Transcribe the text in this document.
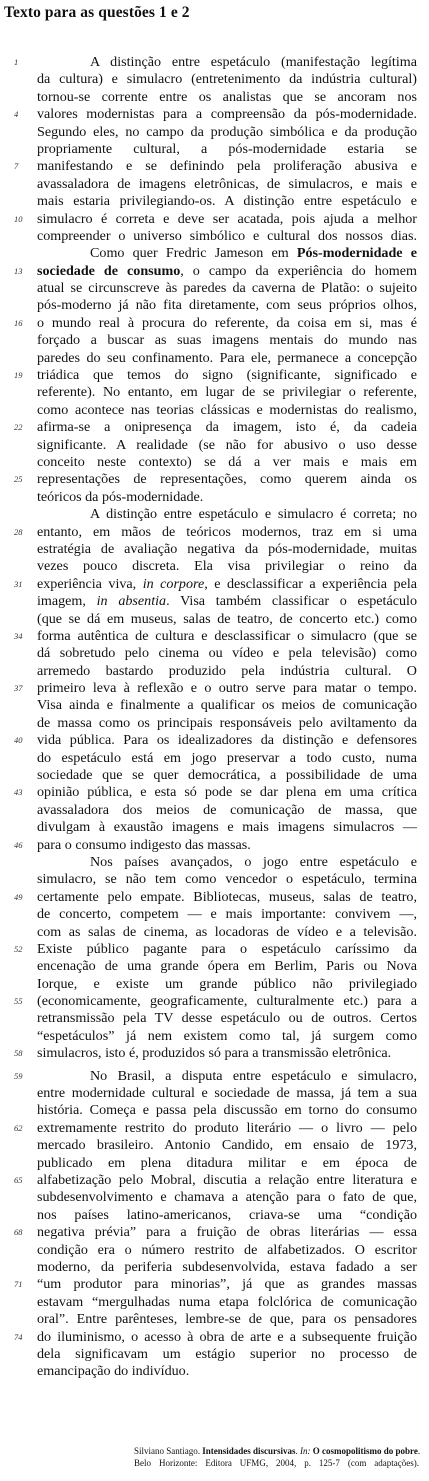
Texto para as questões 1 e 2
1	A distinção entre espetáculo (manifestação legítima
da cultura) e simulacro (entretenimento da indústria cultural)
tornou-se corrente entre os analistas que se ancoram nos
4	valores modernistas para a compreensão da pós-modernidade.
Segundo eles, no campo da produção simbólica e da produção
propriamente cultural, a pós-modernidade estaria se
7	manifestando e se definindo pela proliferação abusiva e
avassaladora de imagens eletrônicas, de simulacros, e mais e
mais estaria privilegiando-os. A distinção entre espetáculo e
10 simulacro é correta e deve ser acatada, pois ajuda a melhor
compreender o universo simbólico e cultural dos nossos dias.
Como quer Fredric Jameson em Pós-modernidade e
13 sociedade de consumo, o campo da experiência do homem
atual se circunscreve às paredes da caverna de Platão: o sujeito
pós-moderno já não fita diretamente, com seus próprios olhos,
16 o mundo real à procura do referente, da coisa em si, mas é
forçado a buscar as suas imagens mentais do mundo nas
paredes do seu confinamento. Para ele, permanece a concepção
19 triádica que temos do signo (significante, significado e
referente). No entanto, em lugar de se privilegiar o referente,
como acontece nas teorias clássicas e modernistas do realismo,
22 afirma-se a onipresença da imagem, isto é, da cadeia
significante. A realidade (se não for abusivo o uso desse
conceito neste contexto) se dá a ver mais e mais em
25 representações de representações, como querem ainda os
teóricos da pós-modernidade.
A distinção entre espetáculo e simulacro é correta; no
28 entanto, em mãos de teóricos modernos, traz em si uma
estratégia de avaliação negativa da pós-modernidade, muitas
vezes pouco discreta. Ela visa privilegiar o reino da
31 experiência viva, in corpore, e desclassificar a experiência pela
imagem, in absentia. Visa também classificar o espetáculo
(que se dá em museus, salas de teatro, de concerto etc.) como
34 forma autêntica de cultura e desclassificar o simulacro (que se
dá sobretudo pelo cinema ou vídeo e pela televisão) como
arremedo bastardo produzido pela indústria cultural. O
37 primeiro leva à reflexão e o outro serve para matar o tempo.
Visa ainda e finalmente a qualificar os meios de comunicação
de massa como os principais responsáveis pelo aviltamento da
40 vida pública. Para os idealizadores da distinção e defensores
do espetáculo está em jogo preservar a todo custo, numa
sociedade que se quer democrática, a possibilidade de uma
43 opinião pública, e esta só pode se dar plena em uma crítica
avassaladora dos meios de comunicação de massa, que
divulgam à exaustão imagens e mais imagens simulacros —
46 para o consumo indigesto das massas.
Nos países avançados, o jogo entre espetáculo e
simulacro, se não tem como vencedor o espetáculo, termina
49 certamente pelo empate. Bibliotecas, museus, salas de teatro,
de concerto, competem — e mais importante: convivem —,
com as salas de cinema, as locadoras de vídeo e a televisão.
52 Existe público pagante para o espetáculo caríssimo da
encenação de uma grande ópera em Berlim, Paris ou Nova
Iorque, e existe um grande público não privilegiado
55 (economicamente, geograficamente, culturalmente etc.) para a
retransmissão pela TV desse espetáculo ou de outros. Certos
“espetáculos” já nem existem como tal, já surgem como
58 simulacros, isto é, produzidos só para a transmissão eletrônica.
59	No Brasil, a disputa entre espetáculo e simulacro,
entre modernidade cultural e sociedade de massa, já tem a sua
história. Começa e passa pela discussão em torno do consumo
62 extremamente restrito do produto literário — o livro — pelo
mercado brasileiro. Antonio Candido, em ensaio de 1973,
publicado em plena ditadura militar e em época de
65 alfabetização pelo Mobral, discutia a relação entre literatura e
subdesenvolvimento e chamava a atenção para o fato de que,
nos países latino-americanos, criava-se uma “condição
68 negativa prévia” para a fruição de obras literárias — essa
condição era o número restrito de alfabetizados. O escritor
moderno, da periferia subdesenvolvida, estava fadado a ser
71 “um produtor para minorias”, já que as grandes massas
estavam “mergulhadas numa etapa folclórica de comunicação
oral”. Entre parênteses, lembre-se de que, para os pensadores
74 do iluminismo, o acesso à obra de arte e a subsequente fruição
dela significavam um estágio superior no processo de
emancipação do indivíduo.
Silviano Santiago. Intensidades discursivas. In: O cosmopolitismo do pobre.
Belo Horizonte: Editora UFMG, 2004, p. 125-7 (com adaptações).
